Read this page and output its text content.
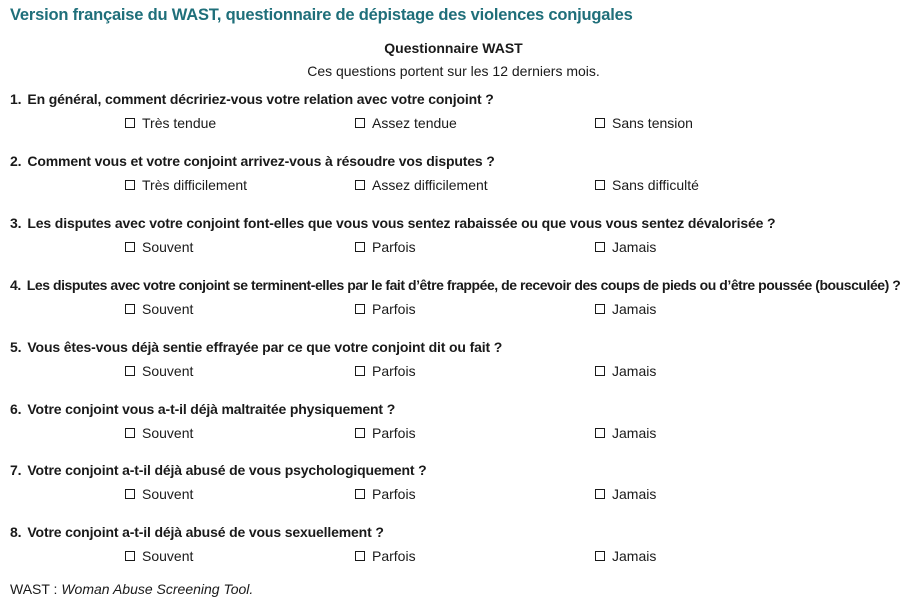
Version française du WAST, questionnaire de dépistage des violences conjugales
Questionnaire WAST
Ces questions portent sur les 12 derniers mois.
1. En général, comment décririez-vous votre relation avec votre conjoint ?
Très tendue	Assez tendue	Sans tension
2. Comment vous et votre conjoint arrivez-vous à résoudre vos disputes ?
Très difficilement	Assez difficilement	Sans difficulté
3. Les disputes avec votre conjoint font-elles que vous vous sentez rabaissée ou que vous vous sentez dévalorisée ?
Souvent	Parfois	Jamais
4. Les disputes avec votre conjoint se terminent-elles par le fait d’être frappée, de recevoir des coups de pieds ou d’être poussée (bousculée) ?
Souvent	Parfois	Jamais
5. Vous êtes-vous déjà sentie effrayée par ce que votre conjoint dit ou fait ?
Souvent	Parfois	Jamais
6. Votre conjoint vous a-t-il déjà maltraitée physiquement ?
Souvent	Parfois	Jamais
7. Votre conjoint a-t-il déjà abusé de vous psychologiquement ?
Souvent	Parfois	Jamais
8. Votre conjoint a-t-il déjà abusé de vous sexuellement ?
Souvent	Parfois	Jamais
WAST : Woman Abuse Screening Tool.
